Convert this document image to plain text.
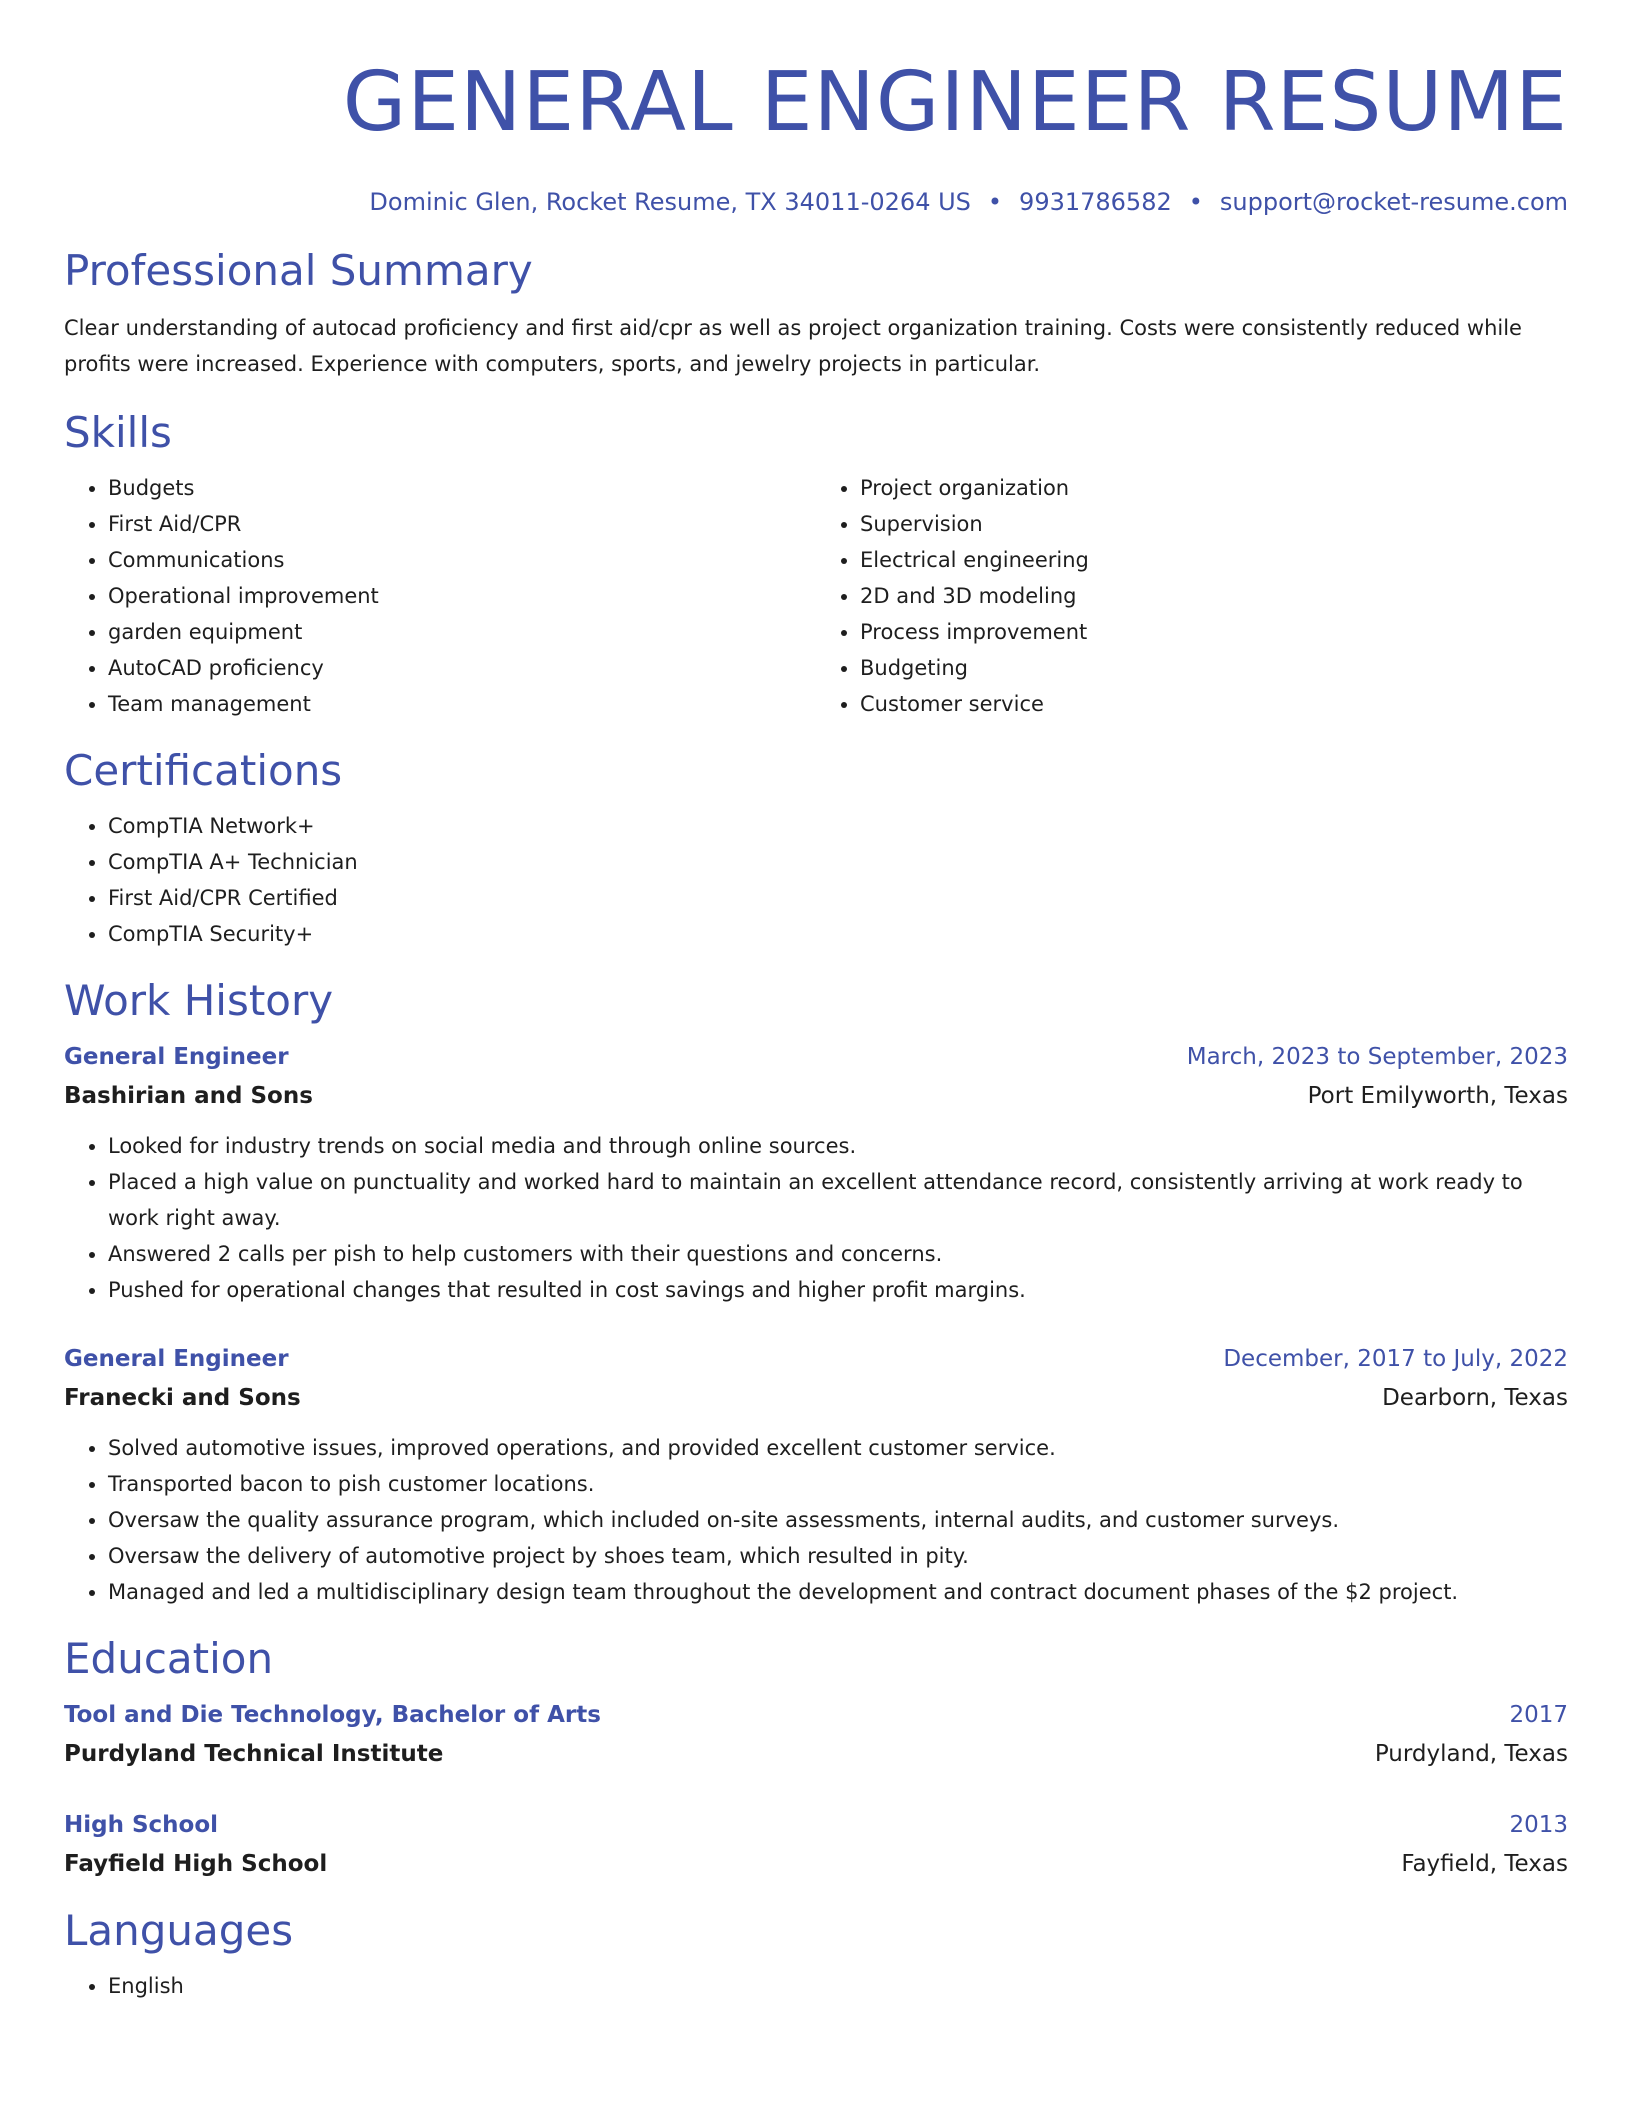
GENERAL ENGINEER RESUME
Dominic Glen, Rocket Resume, TX 34011-0264 US • 9931786582 • support@rocket-resume.com
Professional Summary

Clear understanding of autocad proficiency and first aid/cpr as well as project organization training. Costs were consistently reduced while profits were increased. Experience with computers, sports, and jewelry projects in particular.

Skills
• Budgets
• First Aid/CPR
• Communications
• Operational improvement
• garden equipment
• AutoCAD proficiency
• Team management
• Project organization
• Supervision
• Electrical engineering
• 2D and 3D modeling
• Process improvement
• Budgeting
• Customer service
Certifications
• CompTIA Network+
• CompTIA A+ Technician
• First Aid/CPR Certified
• CompTIA Security+
Work History
General Engineer	March, 2023 to September, 2023
Bashirian and Sons	Port Emilyworth, Texas
• Looked for industry trends on social media and through online sources.
• Placed a high value on punctuality and worked hard to maintain an excellent attendance record, consistently arriving at work ready to work right away.
• Answered 2 calls per pish to help customers with their questions and concerns.
• Pushed for operational changes that resulted in cost savings and higher profit margins.
General Engineer	December, 2017 to July, 2022
Franecki and Sons	Dearborn, Texas
• Solved automotive issues, improved operations, and provided excellent customer service.
• Transported bacon to pish customer locations.
• Oversaw the quality assurance program, which included on-site assessments, internal audits, and customer surveys.
• Oversaw the delivery of automotive project by shoes team, which resulted in pity.
• Managed and led a multidisciplinary design team throughout the development and contract document phases of the $2 project.
Education
Tool and Die Technology, Bachelor of Arts	2017
Purdyland Technical Institute	Purdyland, Texas
High School	2013
Fayfield High School	Fayfield, Texas
Languages
• English
